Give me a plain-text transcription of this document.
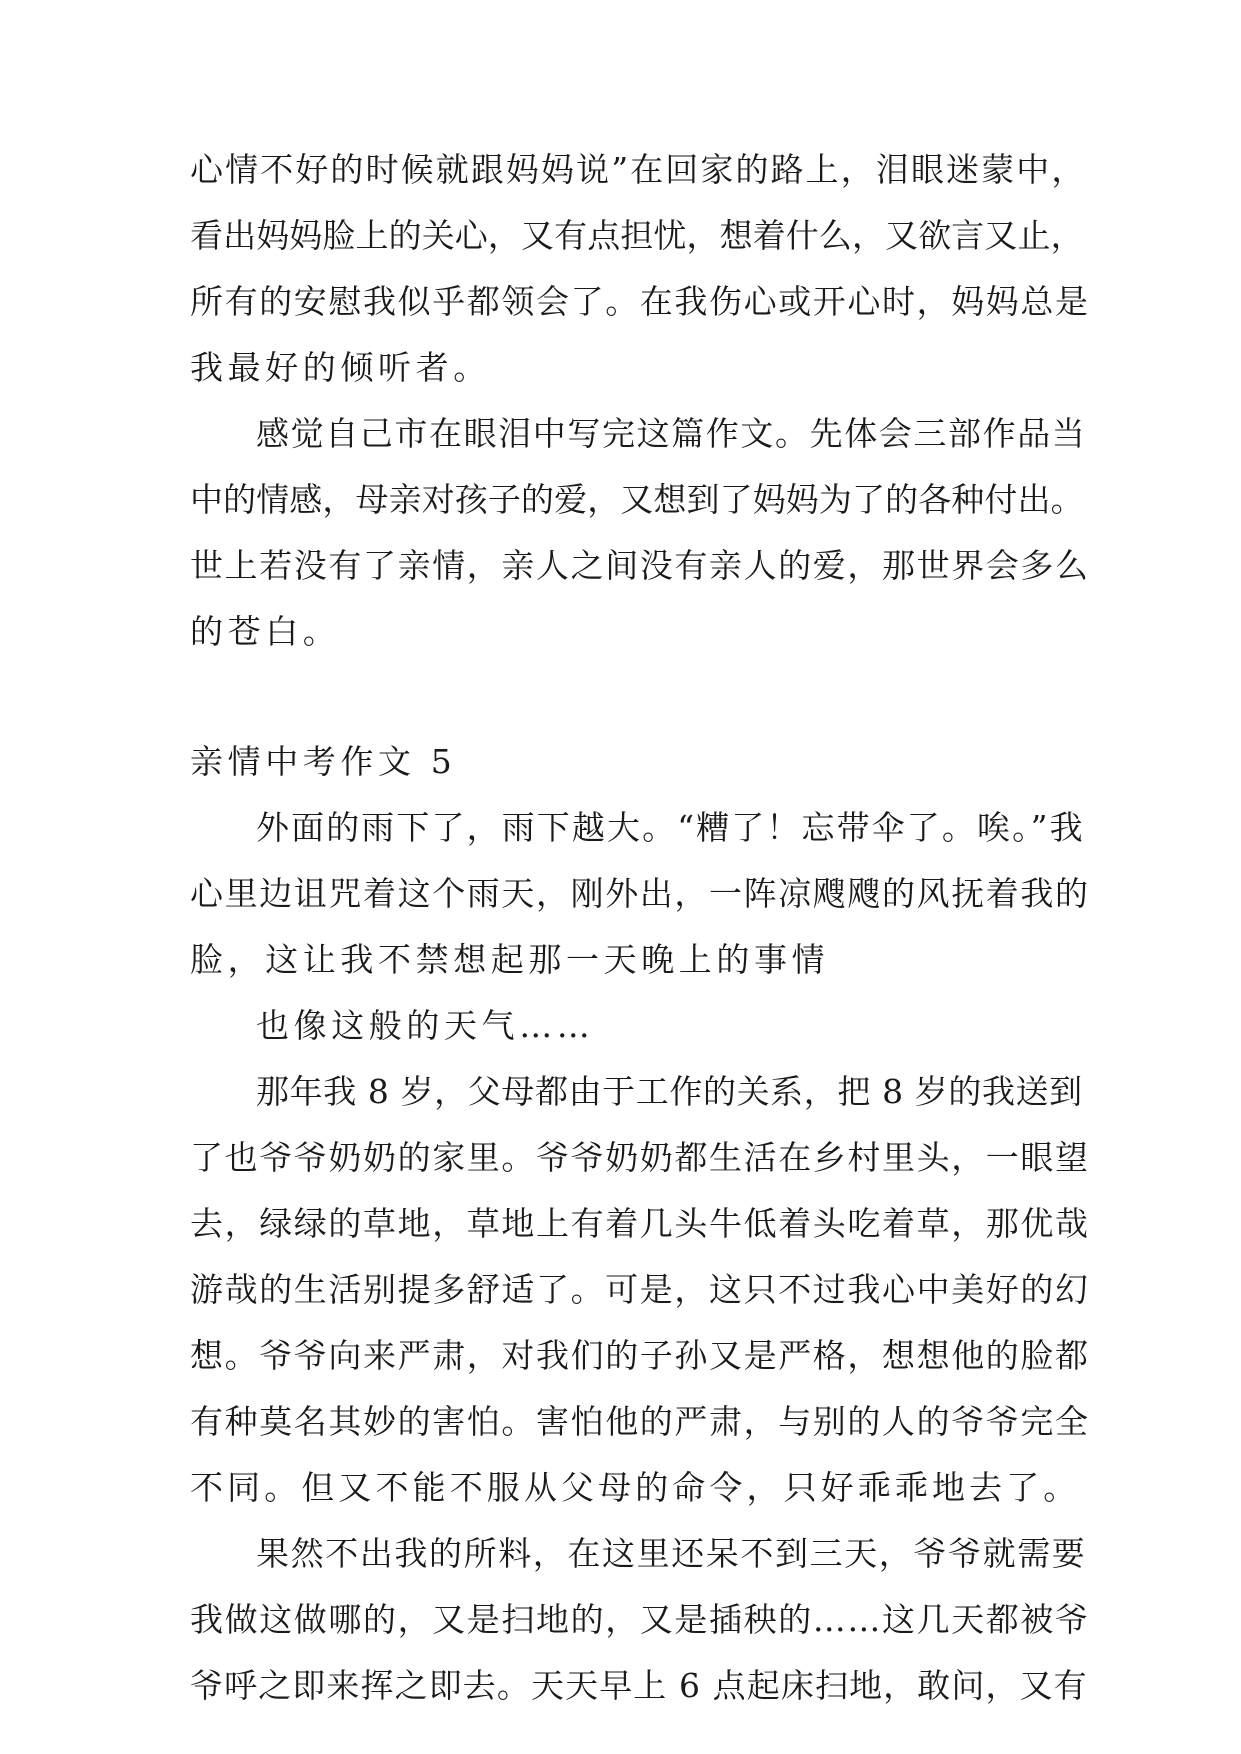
心情不好的时候就跟妈妈说”在回家的路上，泪眼迷蒙中，
看出妈妈脸上的关心，又有点担忧，想着什么，又欲言又止，
所有的安慰我似乎都领会了。在我伤心或开心时，妈妈总是
我最好的倾听者。
感觉自己市在眼泪中写完这篇作文。先体会三部作品当
中的情感，母亲对孩子的爱，又想到了妈妈为了的各种付出。
世上若没有了亲情，亲人之间没有亲人的爱，那世界会多么
的苍白。
亲情中考作文 5
外面的雨下了，雨下越大。“糟了！忘带伞了。唉。”我
心里边诅咒着这个雨天，刚外出，一阵凉飕飕的风抚着我的
脸，这让我不禁想起那一天晚上的事情
也像这般的天气……
那年我 8 岁，父母都由于工作的关系，把 8 岁的我送到
了也爷爷奶奶的家里。爷爷奶奶都生活在乡村里头，一眼望
去，绿绿的草地，草地上有着几头牛低着头吃着草，那优哉
游哉的生活别提多舒适了。可是，这只不过我心中美好的幻
想。爷爷向来严肃，对我们的子孙又是严格，想想他的脸都
有种莫名其妙的害怕。害怕他的严肃，与别的人的爷爷完全
不同。但又不能不服从父母的命令，只好乖乖地去了。
果然不出我的所料，在这里还呆不到三天，爷爷就需要
我做这做哪的，又是扫地的，又是插秧的……这几天都被爷
爷呼之即来挥之即去。天天早上 6 点起床扫地，敢问，又有
